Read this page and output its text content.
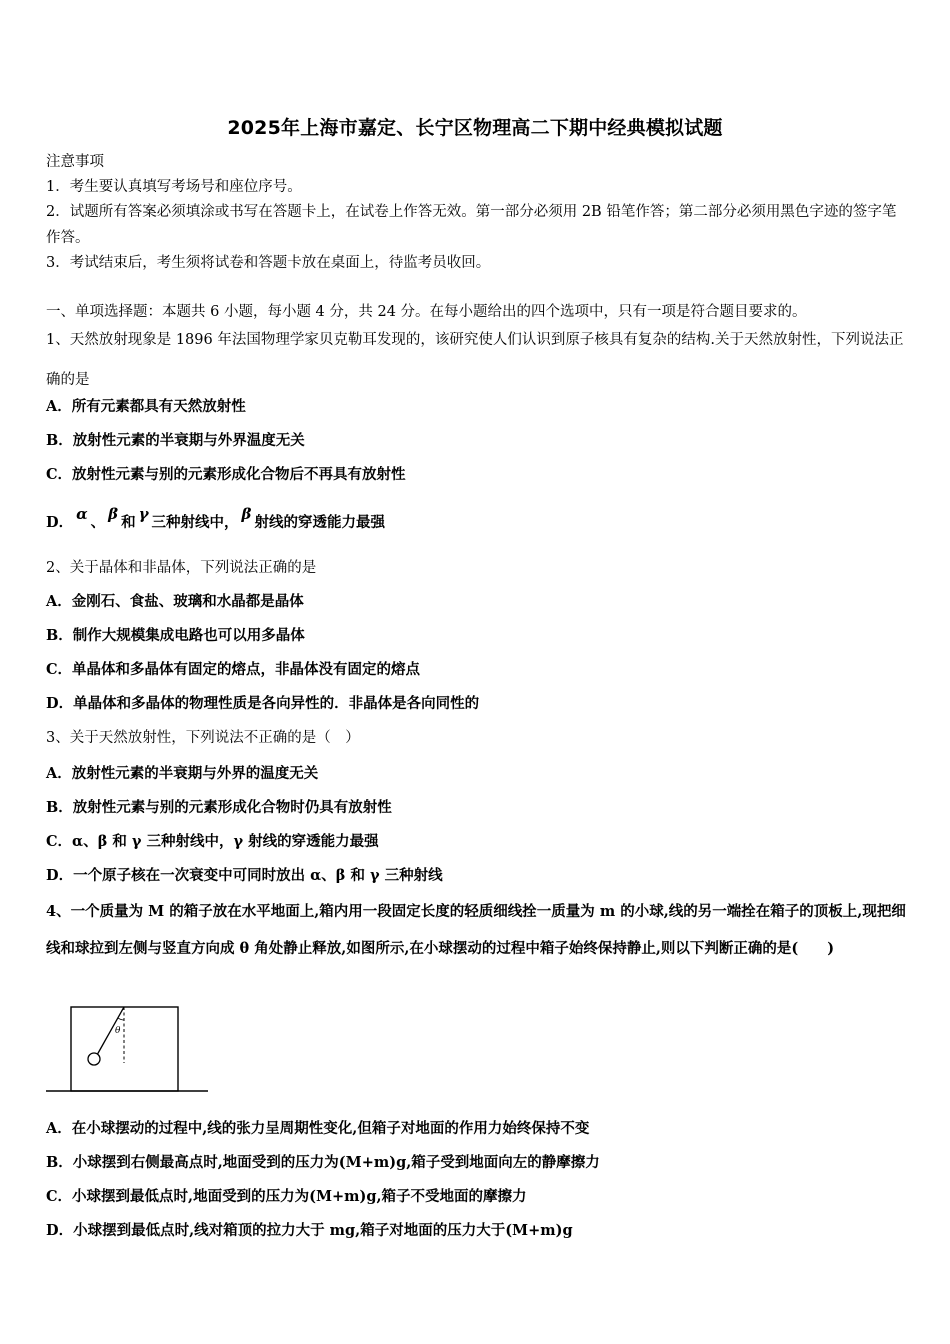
2025年上海市嘉定、长宁区物理高二下期中经典模拟试题
注意事项
1．考生要认真填写考场号和座位序号。
2．试题所有答案必须填涂或书写在答题卡上，在试卷上作答无效。第一部分必须用 2B 铅笔作答；第二部分必须用黑色字迹的签字笔作答。
3．考试结束后，考生须将试卷和答题卡放在桌面上，待监考员收回。
一、单项选择题：本题共 6 小题，每小题 4 分，共 24 分。在每小题给出的四个选项中，只有一项是符合题目要求的。
1、天然放射现象是 1896 年法国物理学家贝克勒耳发现的，该研究使人们认识到原子核具有复杂的结构.关于天然放射性，下列说法正确的是
A．所有元素都具有天然放射性
B．放射性元素的半衰期与外界温度无关
C．放射性元素与别的元素形成化合物后不再具有放射性
D． α 、 β 和 γ 三种射线中， β 射线的穿透能力最强
2、关于晶体和非晶体，下列说法正确的是
A．金刚石、食盐、玻璃和水晶都是晶体
B．制作大规模集成电路也可以用多晶体
C．单晶体和多晶体有固定的熔点，非晶体没有固定的熔点
D．单晶体和多晶体的物理性质是各向异性的．非晶体是各向同性的
3、关于天然放射性，下列说法不正确的是（　）
A．放射性元素的半衰期与外界的温度无关
B．放射性元素与别的元素形成化合物时仍具有放射性
C．α、β 和 γ 三种射线中，γ 射线的穿透能力最强
D．一个原子核在一次衰变中可同时放出 α、β 和 γ 三种射线
4、一个质量为 M 的箱子放在水平地面上,箱内用一段固定长度的轻质细线拴一质量为 m 的小球,线的另一端拴在箱子的顶板上,现把细线和球拉到左侧与竖直方向成 θ 角处静止释放,如图所示,在小球摆动的过程中箱子始终保持静止,则以下判断正确的是(　　)
θ
A．在小球摆动的过程中,线的张力呈周期性变化,但箱子对地面的作用力始终保持不变
B．小球摆到右侧最高点时,地面受到的压力为(M+m)g,箱子受到地面向左的静摩擦力
C．小球摆到最低点时,地面受到的压力为(M+m)g,箱子不受地面的摩擦力
D．小球摆到最低点时,线对箱顶的拉力大于 mg,箱子对地面的压力大于(M+m)g
